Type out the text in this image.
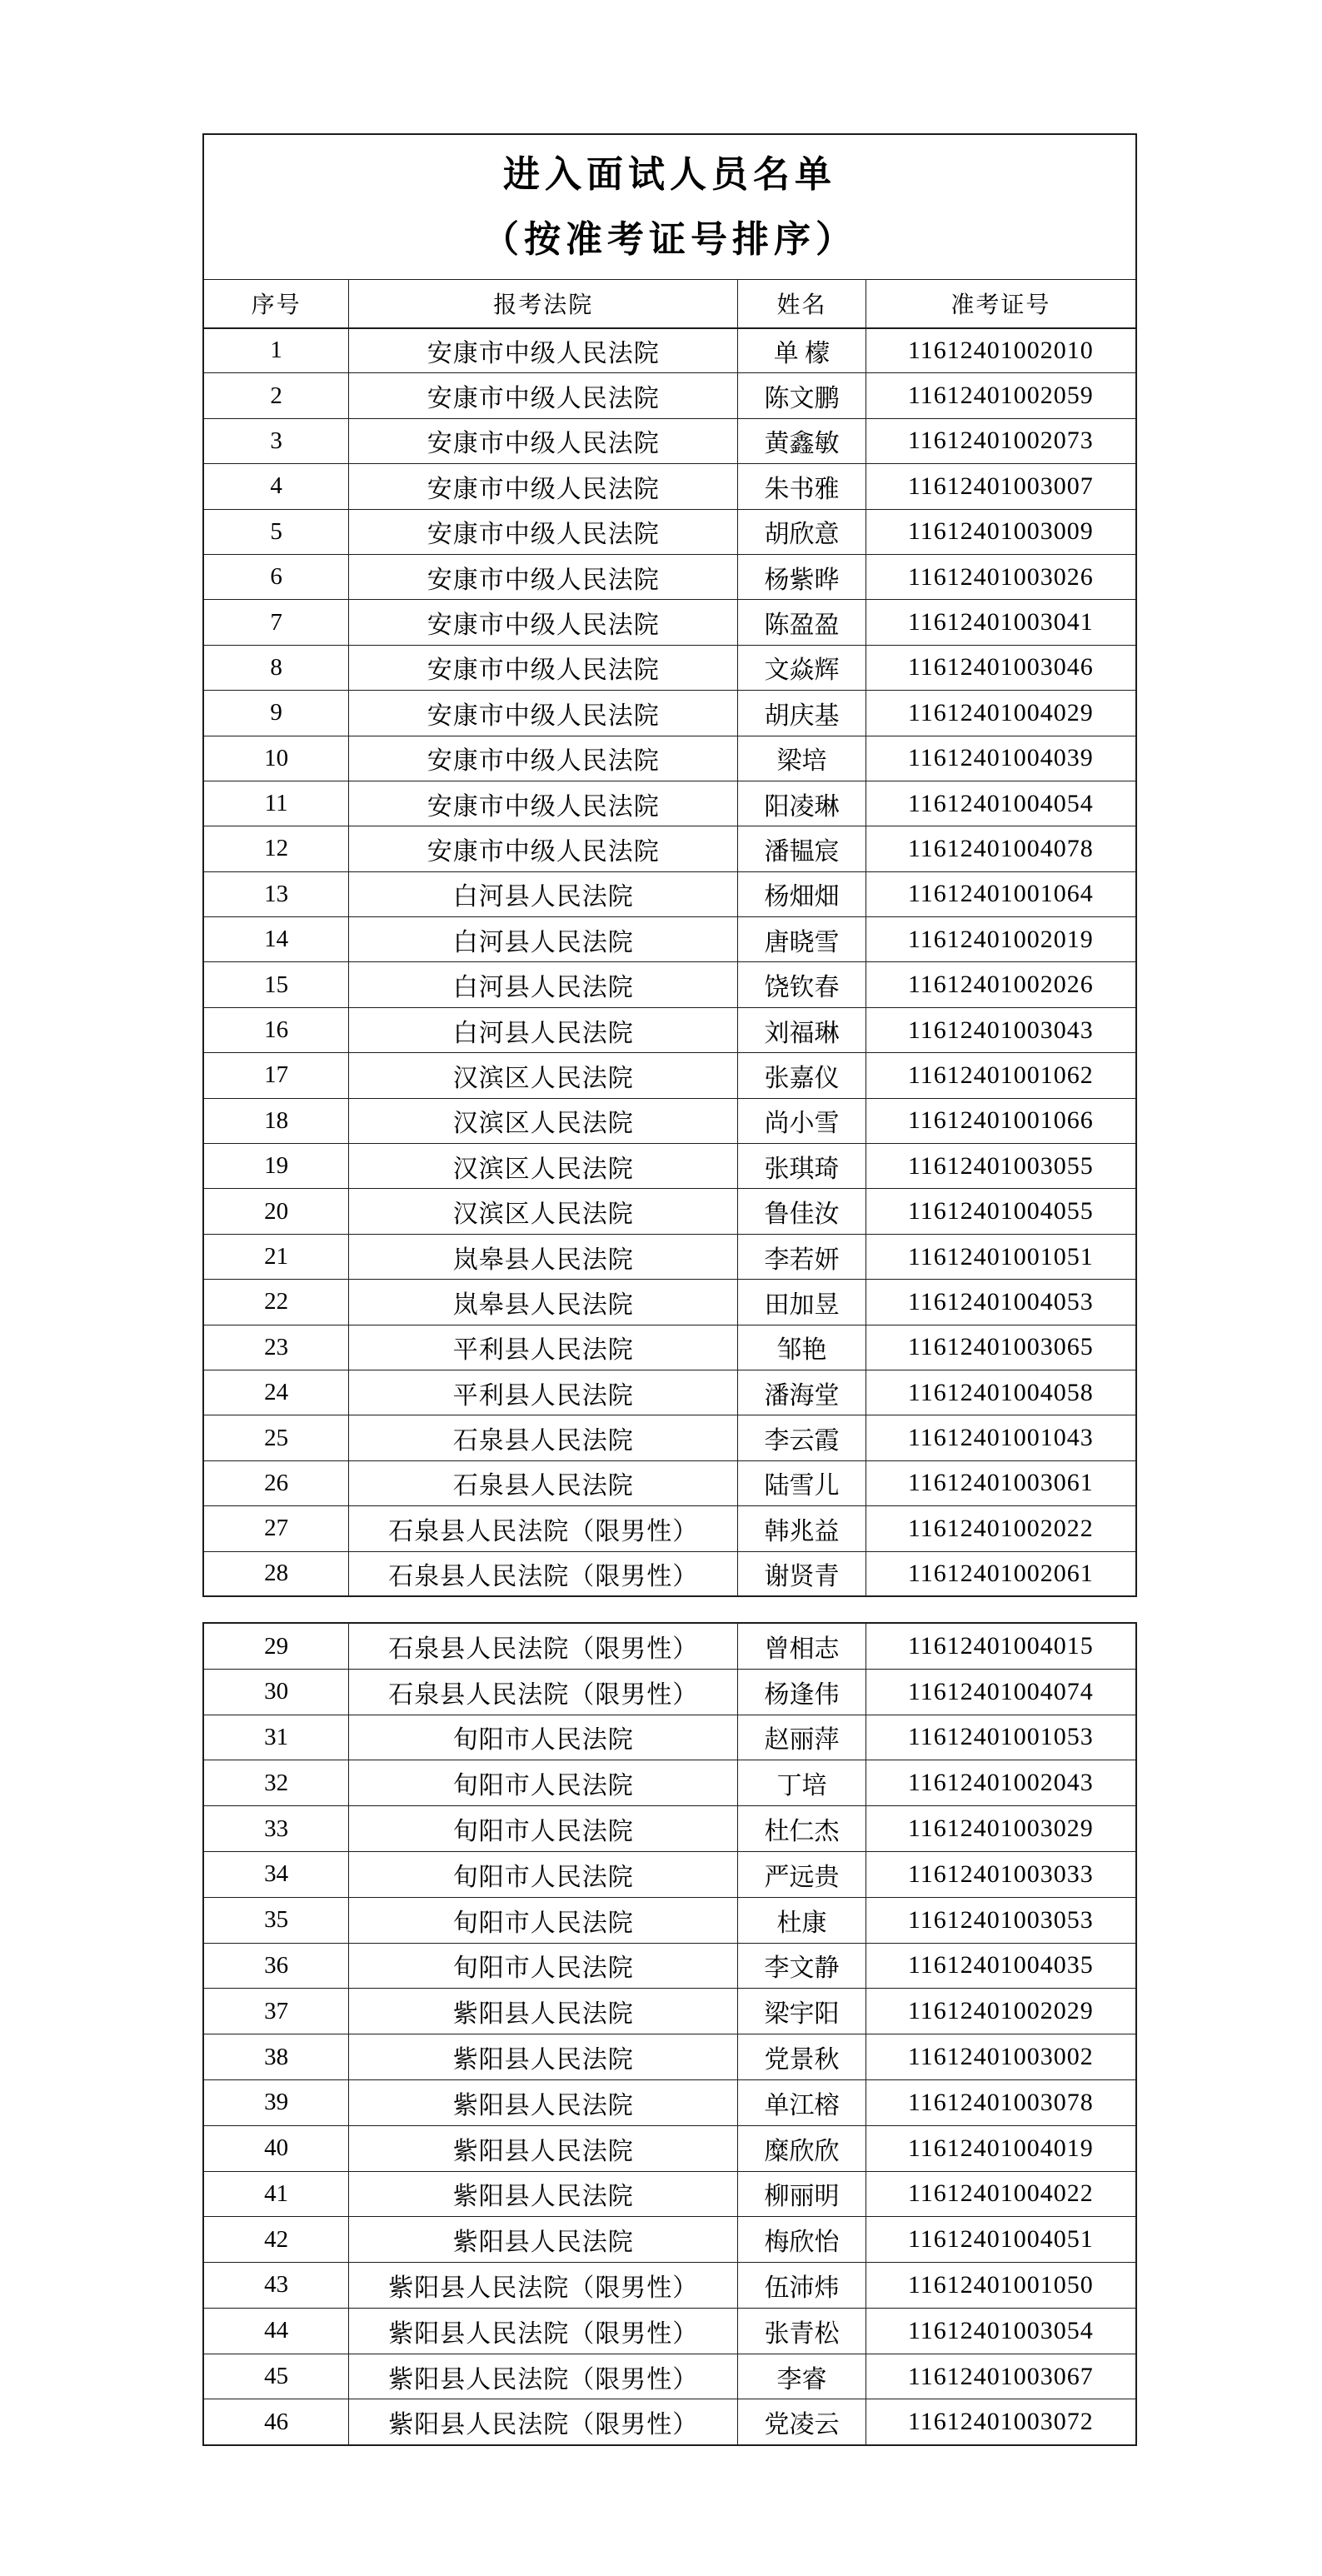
进入面试人员名单
（按准考证号排序）
序号	报考法院	姓名	准考证号
1	安康市中级人民法院	单 檬	11612401002010
2	安康市中级人民法院	陈文鹏	11612401002059
3	安康市中级人民法院	黄鑫敏	11612401002073
4	安康市中级人民法院	朱书雅	11612401003007
5	安康市中级人民法院	胡欣意	11612401003009
6	安康市中级人民法院	杨紫晔	11612401003026
7	安康市中级人民法院	陈盈盈	11612401003041
8	安康市中级人民法院	文焱辉	11612401003046
9	安康市中级人民法院	胡庆基	11612401004029
10	安康市中级人民法院	梁培	11612401004039
11	安康市中级人民法院	阳凌琳	11612401004054
12	安康市中级人民法院	潘韫宸	11612401004078
13	白河县人民法院	杨畑畑	11612401001064
14	白河县人民法院	唐晓雪	11612401002019
15	白河县人民法院	饶钦春	11612401002026
16	白河县人民法院	刘福琳	11612401003043
17	汉滨区人民法院	张嘉仪	11612401001062
18	汉滨区人民法院	尚小雪	11612401001066
19	汉滨区人民法院	张琪琦	11612401003055
20	汉滨区人民法院	鲁佳汝	11612401004055
21	岚皋县人民法院	李若妍	11612401001051
22	岚皋县人民法院	田加昱	11612401004053
23	平利县人民法院	邹艳	11612401003065
24	平利县人民法院	潘海堂	11612401004058
25	石泉县人民法院	李云霞	11612401001043
26	石泉县人民法院	陆雪儿	11612401003061
27	石泉县人民法院（限男性）	韩兆益	11612401002022
28	石泉县人民法院（限男性）	谢贤青	11612401002061
29	石泉县人民法院（限男性）	曾相志	11612401004015
30	石泉县人民法院（限男性）	杨逢伟	11612401004074
31	旬阳市人民法院	赵丽萍	11612401001053
32	旬阳市人民法院	丁培	11612401002043
33	旬阳市人民法院	杜仁杰	11612401003029
34	旬阳市人民法院	严远贵	11612401003033
35	旬阳市人民法院	杜康	11612401003053
36	旬阳市人民法院	李文静	11612401004035
37	紫阳县人民法院	梁宇阳	11612401002029
38	紫阳县人民法院	党景秋	11612401003002
39	紫阳县人民法院	单江榕	11612401003078
40	紫阳县人民法院	糜欣欣	11612401004019
41	紫阳县人民法院	柳丽明	11612401004022
42	紫阳县人民法院	梅欣怡	11612401004051
43	紫阳县人民法院（限男性）	伍沛炜	11612401001050
44	紫阳县人民法院（限男性）	张青松	11612401003054
45	紫阳县人民法院（限男性）	李睿	11612401003067
46	紫阳县人民法院（限男性）	党凌云	11612401003072
